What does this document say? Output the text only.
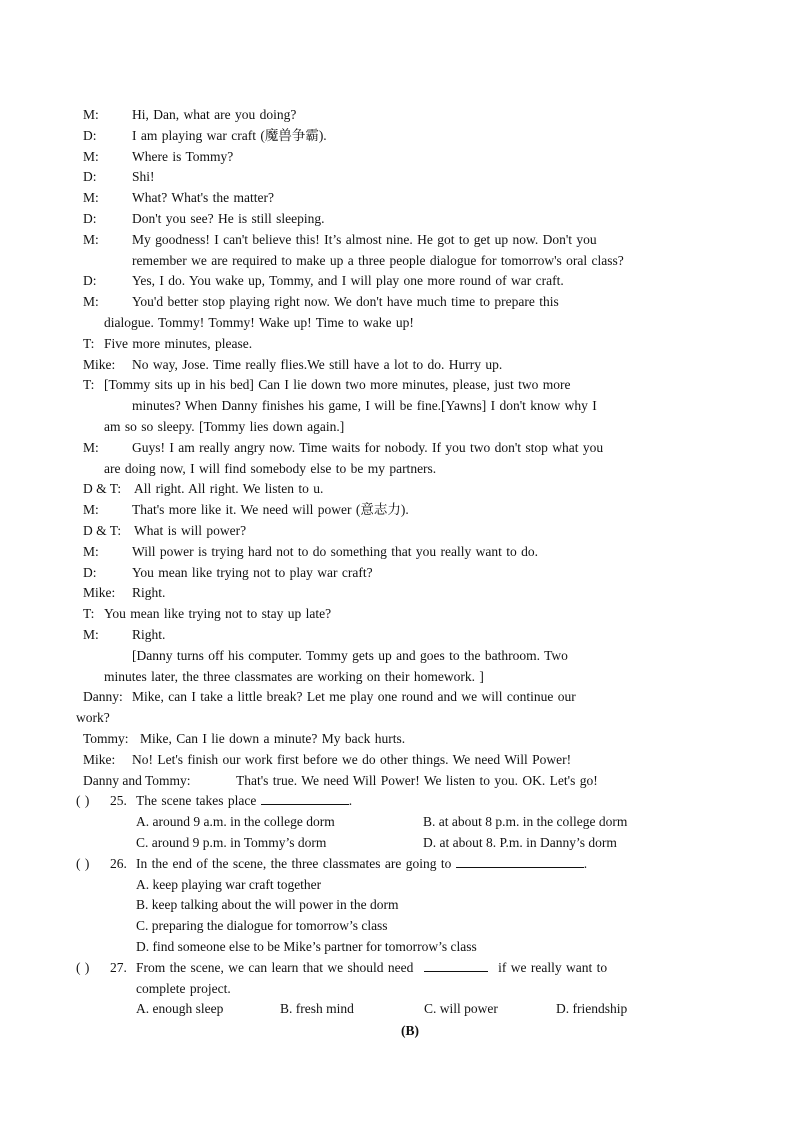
M: Hi, Dan, what are you doing?
D:	I am playing war craft (魔兽争霸).
M: Where is Tommy?
D:	Shi!
M: What? What's the matter?
D:	Don't you see? He is still sleeping.
M: My goodness! I can't believe this! It’s almost nine. He got to get up now. Don't you
remember we are required to make up a three people dialogue for tomorrow's oral class?
D:	Yes, I do. You wake up, Tommy, and I will play one more round of war craft.
M: You'd better stop playing right now. We don't have much time to prepare this
dialogue. Tommy! Tommy! Wake up! Time to wake up!
T: Five more minutes, please.
Mike: No way, Jose. Time really flies.We still have a lot to do. Hurry up.
T: [Tommy sits up in his bed] Can I lie down two more minutes, please, just two more
minutes? When Danny finishes his game, I will be fine.[Yawns] I don't know why I
am so so sleepy. [Tommy lies down again.]
M: Guys! I am really angry now. Time waits for nobody. If you two don't stop what you
are doing now, I will find somebody else to be my partners.
D & T: All right. All right. We listen to u.
M: That's more like it. We need will power (意志力).
D & T: What is will power?
M: Will power is trying hard not to do something that you really want to do.
D:	You mean like trying not to play war craft?
Mike: Right.
T: You mean like trying not to stay up late?
M: Right.
[Danny turns off his computer. Tommy gets up and goes to the bathroom. Two
minutes later, the three classmates are working on their homework. ]
Danny: Mike, can I take a little break? Let me play one round and we will continue our
work?
Tommy: Mike, Can I lie down a minute? My back hurts.
Mike: No! Let's finish our work first before we do other things. We need Will Power!
Danny and Tommy:	That's true. We need Will Power! We listen to you. OK. Let's go!
( ) 25. The scene takes place	.
A. around 9 a.m. in the college dorm	B. at about 8 p.m. in the college dorm
C. around 9 p.m. in Tommy’s dorm	D. at about 8. P.m. in Danny’s dorm
( ) 26. In the end of the scene, the three classmates are going to	.
A. keep playing war craft together
B. keep talking about the will power in the dorm
C. preparing the dialogue for tomorrow’s class
D. find someone else to be Mike’s partner for tomorrow’s class
( ) 27. From the scene, we can learn that we should need	if we really want to
complete project.
A. enough sleep	B. fresh mind	C. will power	D. friendship
(B)
